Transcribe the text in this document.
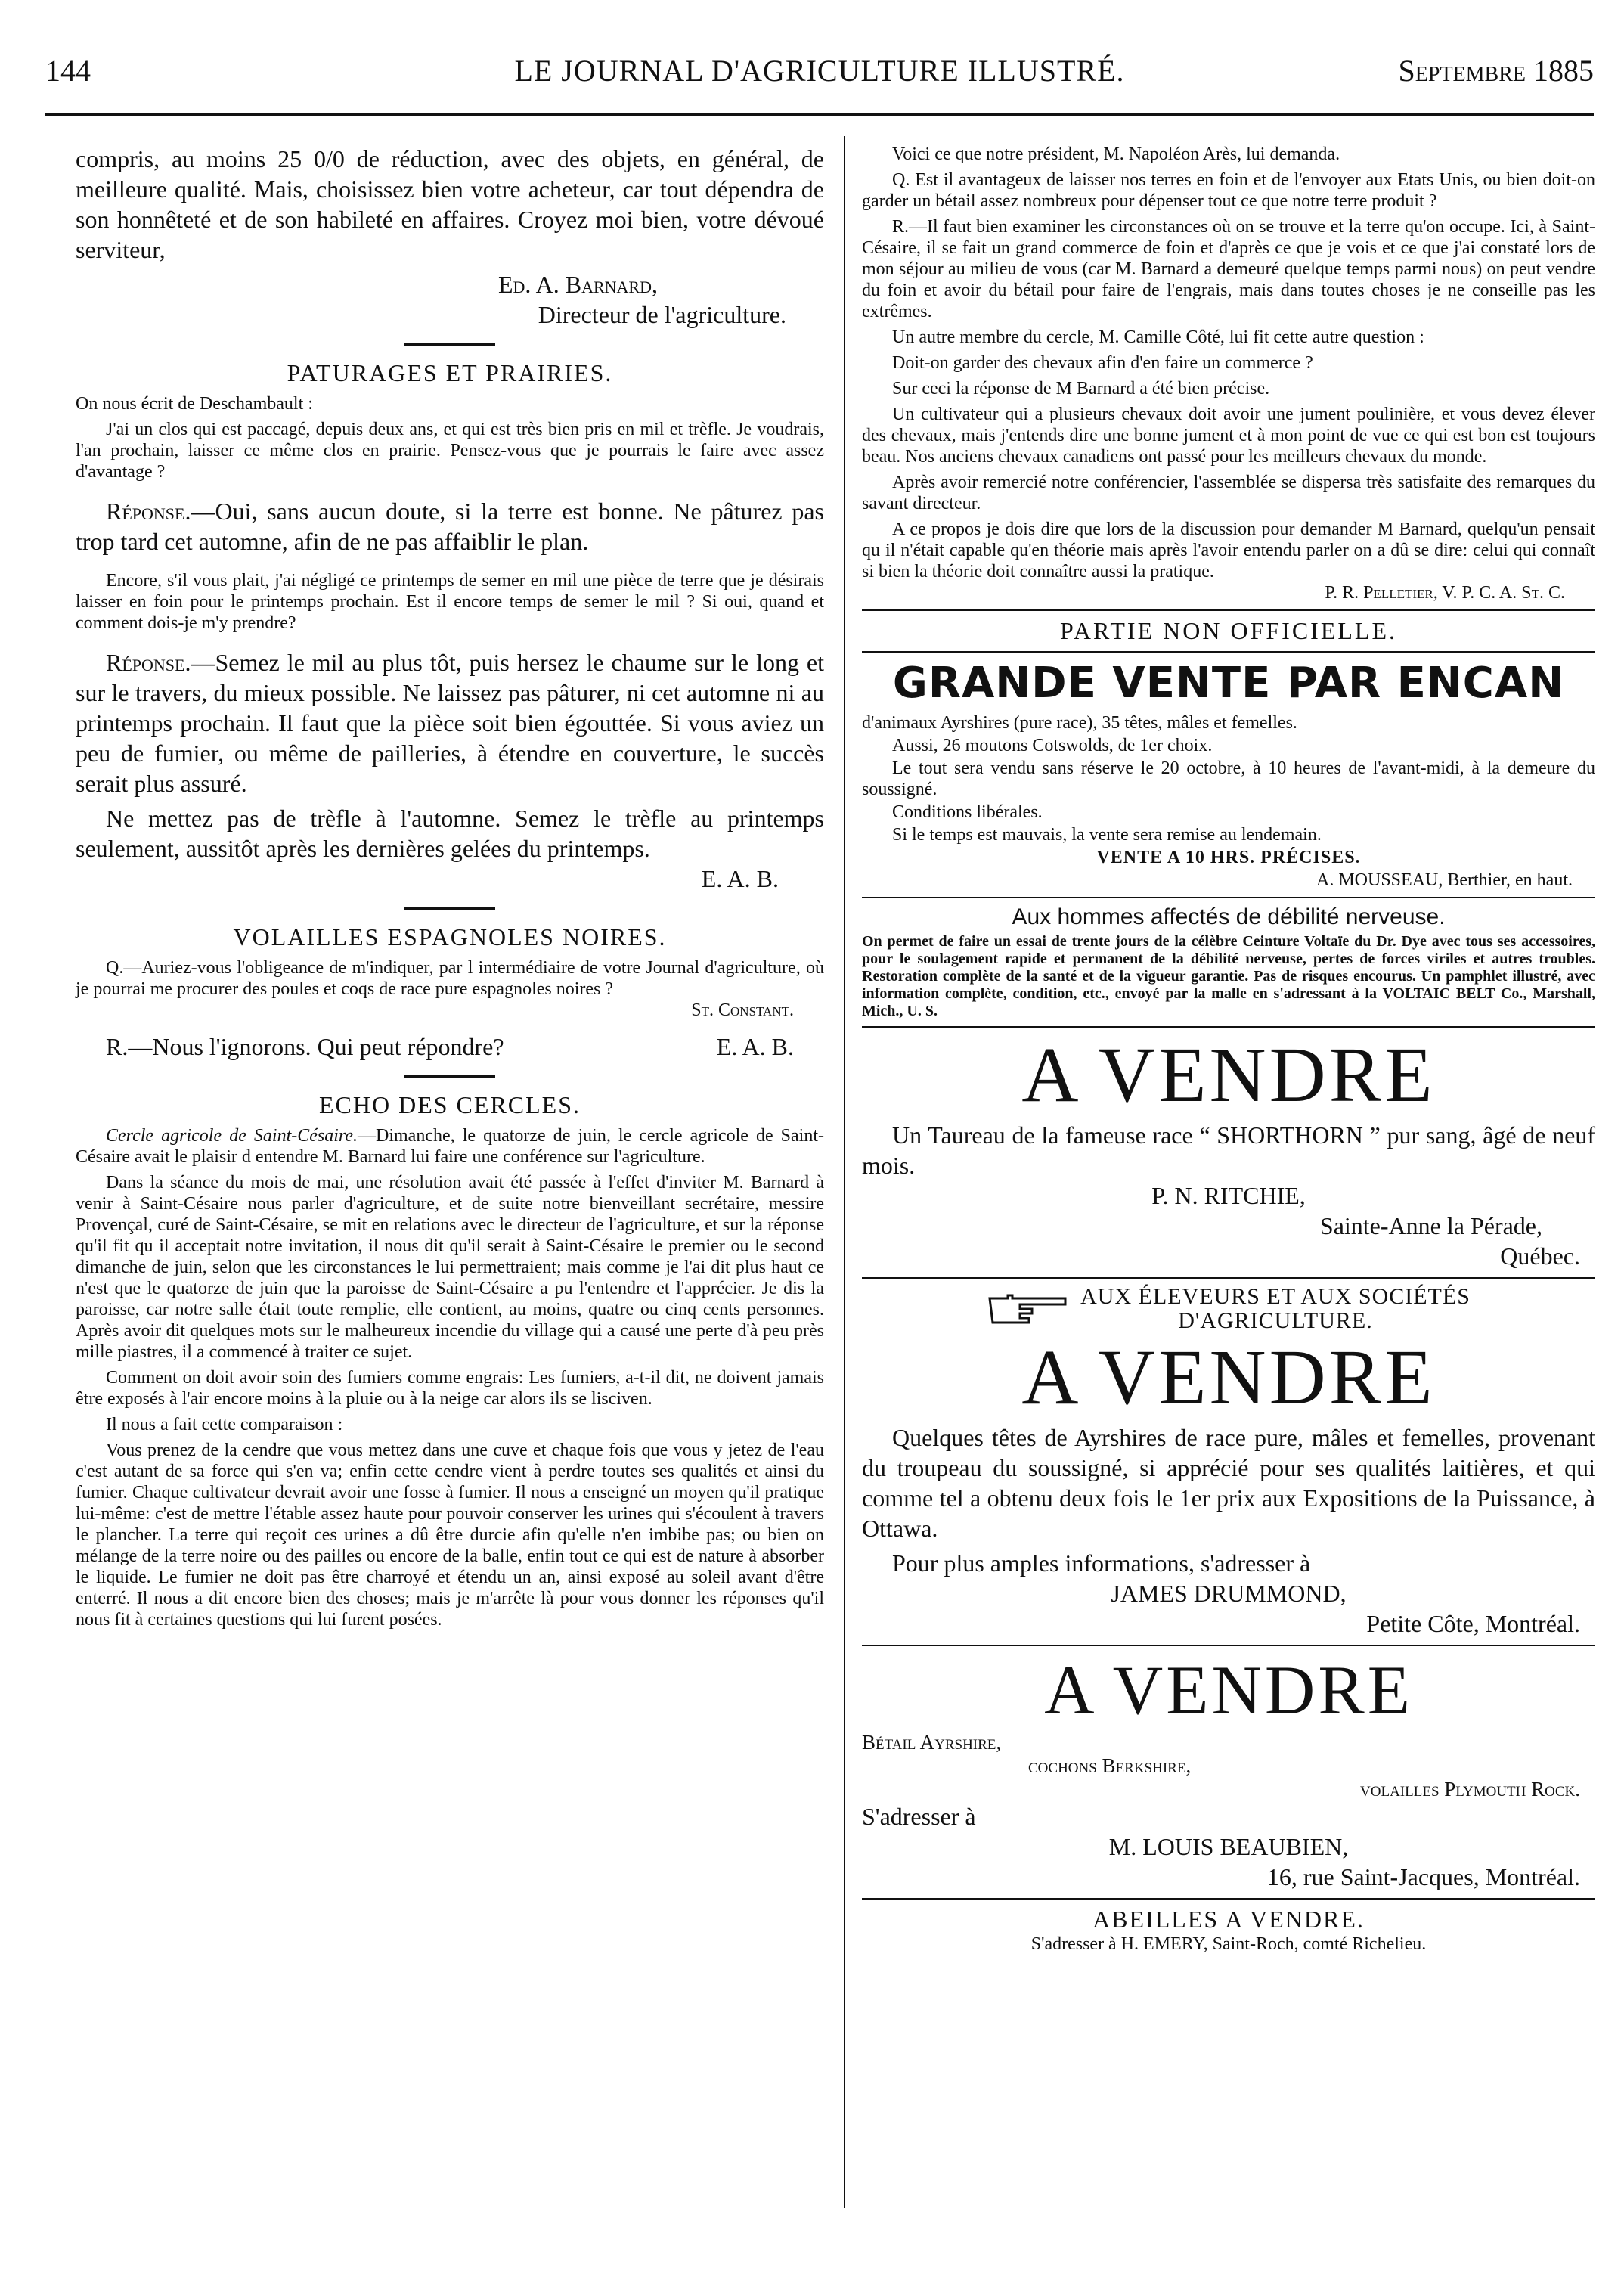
144	LE JOURNAL D'AGRICULTURE ILLUSTRÉ.	Septembre 1885

compris, au moins 25 0/0 de réduction, avec des objets, en général, de meilleure qualité. Mais, choisissez bien votre acheteur, car tout dépendra de son honnêteté et de son habileté en affaires. Croyez moi bien, votre dévoué serviteur,

Ed. A. Barnard,

Directeur de l'agriculture.

PATURAGES ET PRAIRIES.

On nous écrit de Deschambault :

J'ai un clos qui est paccagé, depuis deux ans, et qui est très bien pris en mil et trèfle. Je voudrais, l'an prochain, laisser ce même clos en prairie. Pensez-vous que je pourrais le faire avec assez d'avantage ?

Réponse.—Oui, sans aucun doute, si la terre est bonne. Ne pâturez pas trop tard cet automne, afin de ne pas affaiblir le plan.

Encore, s'il vous plait, j'ai négligé ce printemps de semer en mil une pièce de terre que je désirais laisser en foin pour le printemps prochain. Est il encore temps de semer le mil ? Si oui, quand et comment dois-je m'y prendre?

Réponse.—Semez le mil au plus tôt, puis hersez le chaume sur le long et sur le travers, du mieux possible. Ne laissez pas pâturer, ni cet automne ni au printemps prochain. Il faut que la pièce soit bien égouttée. Si vous aviez un peu de fumier, ou même de pailleries, à étendre en couverture, le succès serait plus assuré.

Ne mettez pas de trèfle à l'automne. Semez le trèfle au printemps seulement, aussitôt après les dernières gelées du printemps.

E. A. B.

VOLAILLES ESPAGNOLES NOIRES.

Q.—Auriez-vous l'obligeance de m'indiquer, par l intermédiaire de votre Journal d'agriculture, où je pourrai me procurer des poules et coqs de race pure espagnoles noires ?

St. Constant.

R.—Nous l'ignorons. Qui peut répondre?	E. A. B.
ECHO DES CERCLES.

Cercle agricole de Saint-Césaire.—Dimanche, le quatorze de juin, le cercle agricole de Saint-Césaire avait le plaisir d entendre M. Barnard lui faire une conférence sur l'agriculture.

Dans la séance du mois de mai, une résolution avait été passée à l'effet d'inviter M. Barnard à venir à Saint-Césaire nous parler d'agriculture, et de suite notre bienveillant secrétaire, messire Provençal, curé de Saint-Césaire, se mit en relations avec le directeur de l'agriculture, et sur la réponse qu'il fit qu il acceptait notre invitation, il nous dit qu'il serait à Saint-Césaire le premier ou le second dimanche de juin, selon que les circonstances le lui permettraient; mais comme je l'ai dit plus haut ce n'est que le quatorze de juin que la paroisse de Saint-Césaire a pu l'entendre et l'apprécier. Je dis la paroisse, car notre salle était toute remplie, elle contient, au moins, quatre ou cinq cents personnes. Après avoir dit quelques mots sur le malheureux incendie du village qui a causé une perte d'à peu près mille piastres, il a commencé à traiter ce sujet.

Comment on doit avoir soin des fumiers comme engrais: Les fumiers, a-t-il dit, ne doivent jamais être exposés à l'air encore moins à la pluie ou à la neige car alors ils se lisciven.

Il nous a fait cette comparaison :

Vous prenez de la cendre que vous mettez dans une cuve et chaque fois que vous y jetez de l'eau c'est autant de sa force qui s'en va; enfin cette cendre vient à perdre toutes ses qualités et ainsi du fumier. Chaque cultivateur devrait avoir une fosse à fumier. Il nous a enseigné un moyen qu'il pratique lui-même: c'est de mettre l'étable assez haute pour pouvoir conserver les urines qui s'écoulent à travers le plancher. La terre qui reçoit ces urines a dû être durcie afin qu'elle n'en imbibe pas; ou bien on mélange de la terre noire ou des pailles ou encore de la balle, enfin tout ce qui est de nature à absorber le liquide. Le fumier ne doit pas être charroyé et étendu un an, ainsi exposé au soleil avant d'être enterré. Il nous a dit encore bien des choses; mais je m'arrête là pour vous donner les réponses qu'il nous fit à certaines questions qui lui furent posées.

Voici ce que notre président, M. Napoléon Arès, lui demanda.

Q. Est il avantageux de laisser nos terres en foin et de l'envoyer aux Etats Unis, ou bien doit-on garder un bétail assez nombreux pour dépenser tout ce que notre terre produit ?

R.—Il faut bien examiner les circonstances où on se trouve et la terre qu'on occupe. Ici, à Saint-Césaire, il se fait un grand commerce de foin et d'après ce que je vois et ce que j'ai constaté lors de mon séjour au milieu de vous (car M. Barnard a demeuré quelque temps parmi nous) on peut vendre du foin et avoir du bétail pour faire de l'engrais, mais dans toutes choses je ne conseille pas les extrêmes.

Un autre membre du cercle, M. Camille Côté, lui fit cette autre question :

Doit-on garder des chevaux afin d'en faire un commerce ?

Sur ceci la réponse de M Barnard a été bien précise.

Un cultivateur qui a plusieurs chevaux doit avoir une jument poulinière, et vous devez élever des chevaux, mais j'entends dire une bonne jument et à mon point de vue ce qui est bon est toujours beau. Nos anciens chevaux canadiens ont passé pour les meilleurs chevaux du monde.

Après avoir remercié notre conférencier, l'assemblée se dispersa très satisfaite des remarques du savant directeur.

A ce propos je dois dire que lors de la discussion pour demander M Barnard, quelqu'un pensait qu il n'était capable qu'en théorie mais après l'avoir entendu parler on a dû se dire: celui qui connaît si bien la théorie doit connaître aussi la pratique.

P. R. Pelletier, V. P. C. A. St. C.

PARTIE NON OFFICIELLE.
GRANDE VENTE PAR ENCAN

d'animaux Ayrshires (pure race), 35 têtes, mâles et femelles.

Aussi, 26 moutons Cotswolds, de 1er choix.

Le tout sera vendu sans réserve le 20 octobre, à 10 heures de l'avant-midi, à la demeure du soussigné.

Conditions libérales.

Si le temps est mauvais, la vente sera remise au lendemain.

VENTE A 10 HRS. PRÉCISES.

A. MOUSSEAU, Berthier, en haut.

Aux hommes affectés de débilité nerveuse.

On permet de faire un essai de trente jours de la célèbre Ceinture Voltaïe du Dr. Dye avec tous ses accessoires, pour le soulagement rapide et permanent de la débilité nerveuse, pertes de forces viriles et autres troubles. Restoration complète de la santé et de la vigueur garantie. Pas de risques encourus. Un pamphlet illustré, avec information complète, condition, etc., envoyé par la malle en s'adressant à la VOLTAIC BELT Co., Marshall, Mich., U. S.

A VENDRE

Un Taureau de la fameuse race “ SHORTHORN ” pur sang, âgé de neuf mois.

P. N. RITCHIE,

Sainte-Anne la Pérade,

Québec.

AUX ÉLEVEURS ET AUX SOCIÉTÉS
D'AGRICULTURE.
A VENDRE

Quelques têtes de Ayrshires de race pure, mâles et femelles, provenant du troupeau du soussigné, si apprécié pour ses qualités laitières, et qui comme tel a obtenu deux fois le 1er prix aux Expositions de la Puissance, à Ottawa.

Pour plus amples informations, s'adresser à

JAMES DRUMMOND,

Petite Côte, Montréal.

A VENDRE

Bétail Ayrshire,

cochons Berkshire,

volailles Plymouth Rock.

S'adresser à

M. LOUIS BEAUBIEN,

16, rue Saint-Jacques, Montréal.

ABEILLES A VENDRE.

S'adresser à H. EMERY, Saint-Roch, comté Richelieu.
